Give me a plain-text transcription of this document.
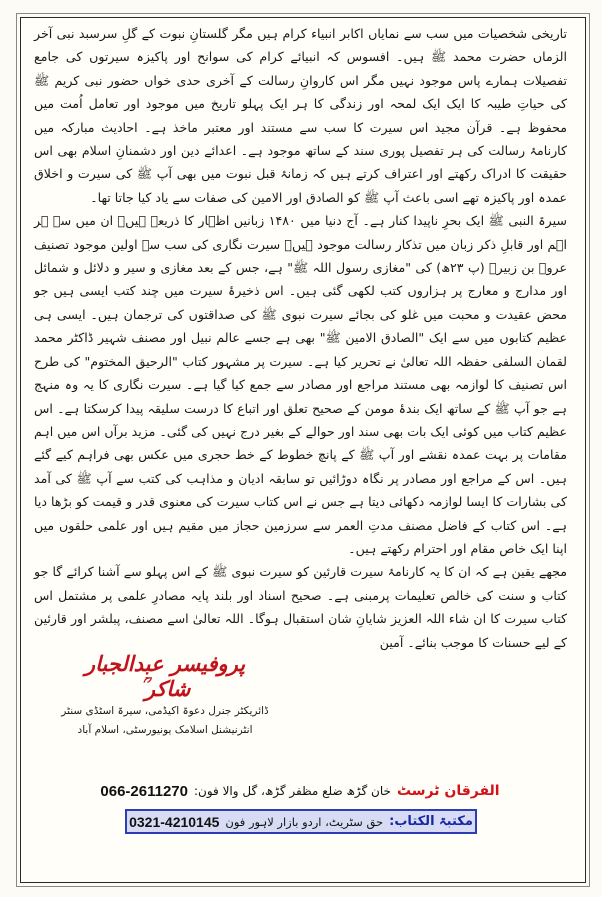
تاریخی شخصیات میں سب سے نمایاں اکابر انبیاء کرام ہیں مگر گلستانِ نبوت کے گلِ سرسبد نبی آخر الزماں حضرت محمد ﷺ ہیں۔ افسوس کہ انبیائے کرام کی سوانح اور پاکیزہ سیرتوں کی جامع تفصیلات ہمارے پاس موجود نہیں مگر اس کاروانِ رسالت کے آخری حدی خواں حضور نبی کریم ﷺ کی حیاتِ طیبہ کا ایک ایک لمحہ اور زندگی کا ہر ایک پہلو تاریخ میں موجود اور تعامل اُمت میں محفوظ ہے۔ قرآن مجید اس سیرت کا سب سے مستند اور معتبر ماخذ ہے۔ احادیث مبارکہ میں کارنامۂ رسالت کی ہر تفصیل پوری سند کے ساتھ موجود ہے۔ اعدائے دین اور دشمنانِ اسلام بھی اس حقیقت کا ادراک رکھتے اور اعتراف کرتے ہیں کہ زمانۂ قبل نبوت میں بھی آپ ﷺ کی سیرت و اخلاق عمدہ اور پاکیزہ تھے اسی باعث آپ ﷺ کو الصادق اور الامین کی صفات سے یاد کیا جاتا تھا۔

سیرۃ النبی ﷺ ایک بحرِ ناپیدا کنار ہے۔ آج دنیا میں ۱۴۸۰ زبانیں اظہار کا ذریعہ ہیں۔ ان میں سے ہر اہم اور قابلِ ذکر زبان میں تذکار رسالت موجود ہیں۔ سیرت نگاری کی سب سے اولین موجود تصنیف عروہ بن زبیرؒ (پ ۲۳ھ) کی "مغازی رسول اللہ ﷺ" ہے، جس کے بعد مغازی و سیر و دلائل و شمائل اور مدارج و معارج پر ہزاروں کتب لکھی گئی ہیں۔ اس ذخیرۂ سیرت میں چند کتب ایسی ہیں جو محض عقیدت و محبت میں غلو کی بجائے سیرت نبوی ﷺ کی صداقتوں کی ترجمان ہیں۔ ایسی ہی عظیم کتابوں میں سے ایک "الصادق الامین ﷺ" بھی ہے جسے عالم نبیل اور مصنف شہیر ڈاکٹر محمد لقمان السلفی حفظہ اللہ تعالیٰ نے تحریر کیا ہے۔ سیرت پر مشہور کتاب "الرحیق المختوم" کی طرح اس تصنیف کا لوازمہ بھی مستند مراجع اور مصادر سے جمع کیا گیا ہے۔ سیرت نگاری کا یہ وہ منہج ہے جو آپ ﷺ کے ساتھ ایک بندۂ مومن کے صحیح تعلق اور اتباع کا درست سلیقہ پیدا کرسکتا ہے۔ اس عظیم کتاب میں کوئی ایک بات بھی سند اور حوالے کے بغیر درج نہیں کی گئی۔ مزید برآں اس میں اہم مقامات پر بہت عمدہ نقشے اور آپ ﷺ کے پانچ خطوط کے خط حجری میں عکس بھی فراہم کیے گئے ہیں۔ اس کے مراجع اور مصادر پر نگاہ دوڑائیں تو سابقہ ادیان و مذاہب کی کتب سے آپ ﷺ کی آمد کی بشارات کا ایسا لوازمہ دکھائی دیتا ہے جس نے اس کتاب سیرت کی معنوی قدر و قیمت کو بڑھا دیا ہے۔ اس کتاب کے فاضل مصنف مدتِ العمر سے سرزمین حجاز میں مقیم ہیں اور علمی حلقوں میں اپنا ایک خاص مقام اور احترام رکھتے ہیں۔

مجھے یقین ہے کہ ان کا یہ کارنامۂ سیرت قارئین کو سیرت نبوی ﷺ کے اس پہلو سے آشنا کرائے گا جو کتاب و سنت کی خالص تعلیمات پرمبنی ہے۔ صحیح اسناد اور بلند پایہ مصادرِ علمی پر مشتمل اس کتاب سیرت کا ان شاء اللہ العزیز شایانِ شان استقبال ہوگا۔ اللہ تعالیٰ اسے مصنف، پبلشر اور قارئین کے لیے حسنات کا موجب بنائے۔ آمین

پروفیسر عبدالجبار شاکر ؒ
ڈائریکٹر جنرل دعوۃ اکیڈمی، سیرۃ اسٹڈی سنٹر
انٹرنیشنل اسلامک یونیورسٹی، اسلام آباد
066-2611270 خان گڑھ ضلع مظفر گڑھ، گل والا فون: الفرقان ٹرسٹ
0321-4210145 حق سٹریٹ، اردو بازار لاہور فون مکتبۃ الکتاب:
